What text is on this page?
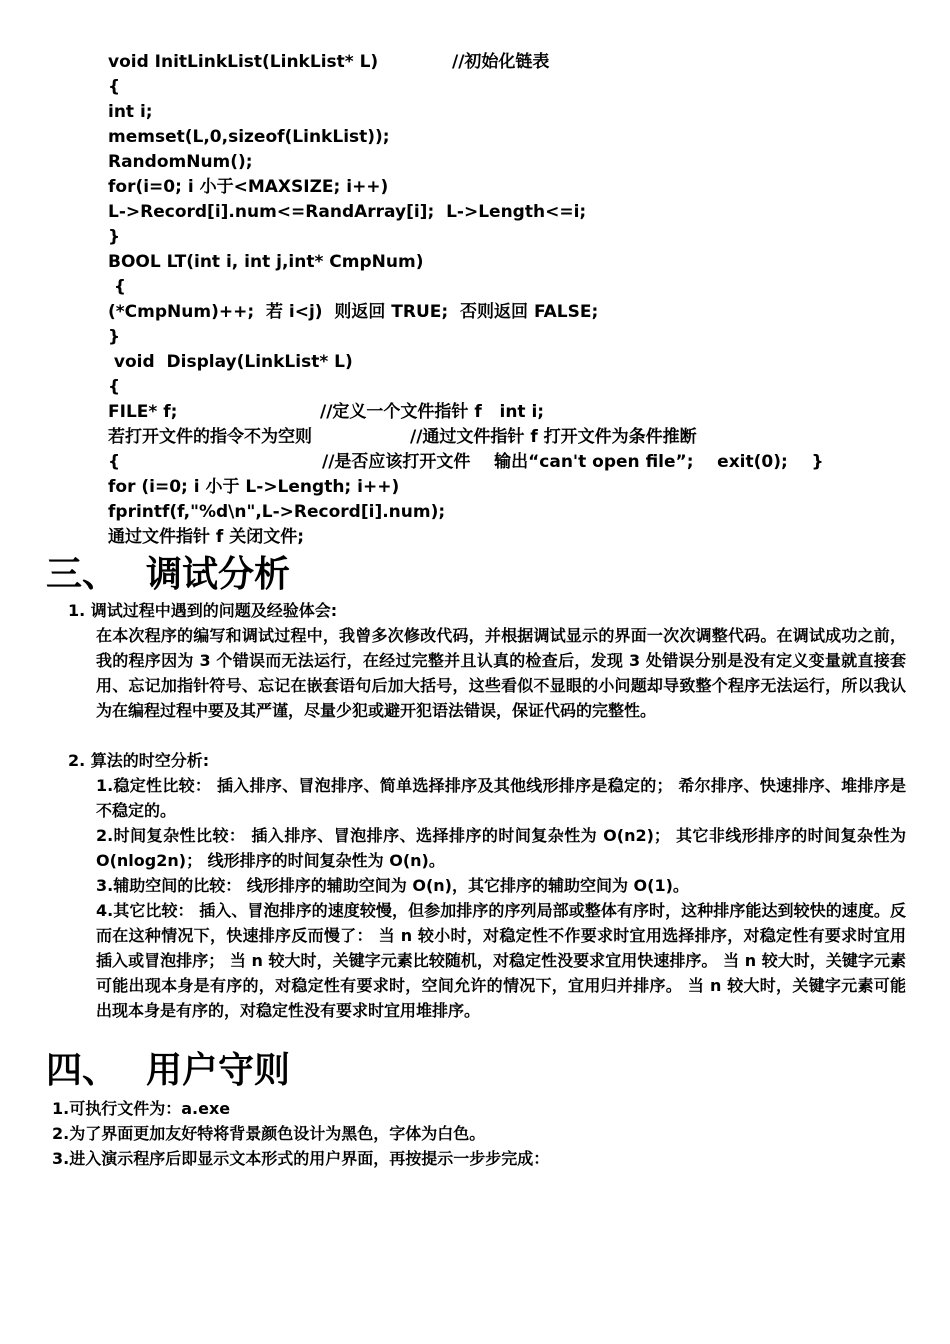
void InitLinkList(LinkList* L)	//初始化链表
{
int i;
memset(L,0,sizeof(LinkList));
RandomNum();
for(i=0; i 小于<MAXSIZE; i++)
L->Record[i].num<=RandArray[i];  L->Length<=i;
}
BOOL LT(int i, int j,int* CmpNum)
{
(*CmpNum)++;  若 i<j)  则返回 TRUE;  否则返回 FALSE;
}
void  Display(LinkList* L)
{
FILE* f;	//定义一个文件指针 f   int i;
若打开文件的指令不为空则	//通过文件指针 f 打开文件为条件推断
{	//是否应该打开文件    输出“can't open file”;    exit(0);    }
for (i=0; i 小于 L->Length; i++)
fprintf(f,"%d\n",L->Record[i].num);
通过文件指针 f 关闭文件;
三、 调试分析
1. 调试过程中遇到的问题及经验体会:
在本次程序的编写和调试过程中，我曾多次修改代码，并根据调试显示的界面一次次调整代码。在调试成功之前，我的程序因为 3 个错误而无法运行，在经过完整并且认真的检查后，发现 3 处错误分别是没有定义变量就直接套用、忘记加指针符号、忘记在嵌套语句后加大括号，这些看似不显眼的小问题却导致整个程序无法运行，所以我认为在编程过程中要及其严谨，尽量少犯或避开犯语法错误，保证代码的完整性。
2. 算法的时空分析:
1.稳定性比较： 插入排序、冒泡排序、简单选择排序及其他线形排序是稳定的； 希尔排序、快速排序、堆排序是不稳定的。
2.时间复杂性比较： 插入排序、冒泡排序、选择排序的时间复杂性为 O(n2)； 其它非线形排序的时间复杂性为 O(nlog2n)； 线形排序的时间复杂性为 O(n)。
3.辅助空间的比较： 线形排序的辅助空间为 O(n)，其它排序的辅助空间为 O(1)。
4.其它比较： 插入、冒泡排序的速度较慢，但参加排序的序列局部或整体有序时，这种排序能达到较快的速度。反而在这种情况下，快速排序反而慢了： 当 n 较小时，对稳定性不作要求时宜用选择排序，对稳定性有要求时宜用插入或冒泡排序； 当 n 较大时，关键字元素比较随机，对稳定性没要求宜用快速排序。 当 n 较大时，关键字元素可能出现本身是有序的，对稳定性有要求时，空间允许的情况下，宜用归并排序。 当 n 较大时，关键字元素可能出现本身是有序的，对稳定性没有要求时宜用堆排序。
四、 用户守则
1.可执行文件为：a.exe
2.为了界面更加友好特将背景颜色设计为黑色，字体为白色。
3.进入演示程序后即显示文本形式的用户界面，再按提示一步步完成：
